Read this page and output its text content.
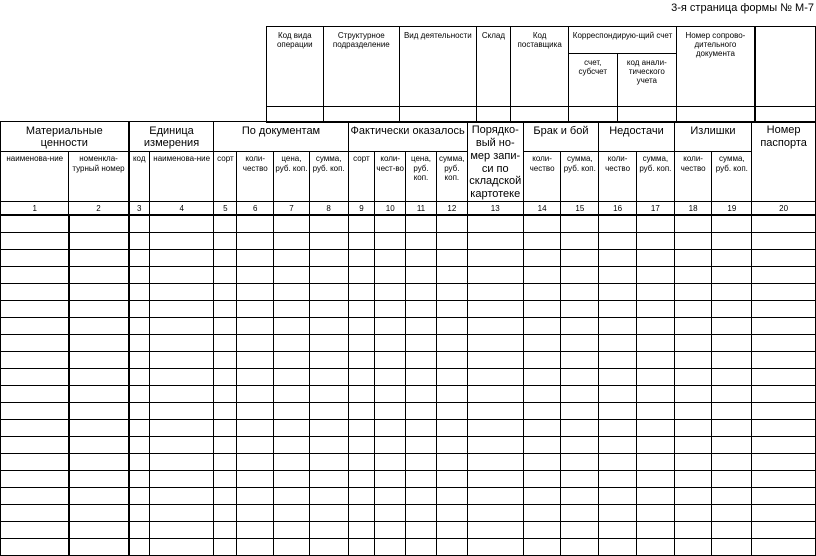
3-я страница формы № М-7
Код вида операции	Структурное подразделение	Вид деятельности	Склад	Код поставщика	Корреспондирую-щий счет		Номер сопрово-дительного документа	
					счет, субсчет	код анали-тического учета		

Материальные ценности		Единица измерения		По документам				Фактически оказалось				Порядко-вый но-мер запи-си по складской картотеке	Брак и бой		Недостачи		Излишки		Номер паспорта
наименова-ние	номенкла-турный номер	код	наименова-ние	сорт	коли-чество	цена, руб. коп.	сумма, руб. коп.	сорт	коли-чест-во	цена, руб. коп.	сумма, руб. коп.		коли-чество	сумма, руб. коп.	коли-чество	сумма, руб. коп.	коли-чество	сумма, руб. коп.	
1	2	3	4	5	6	7	8	9	10	11	12	13	14	15	16	17	18	19	20
